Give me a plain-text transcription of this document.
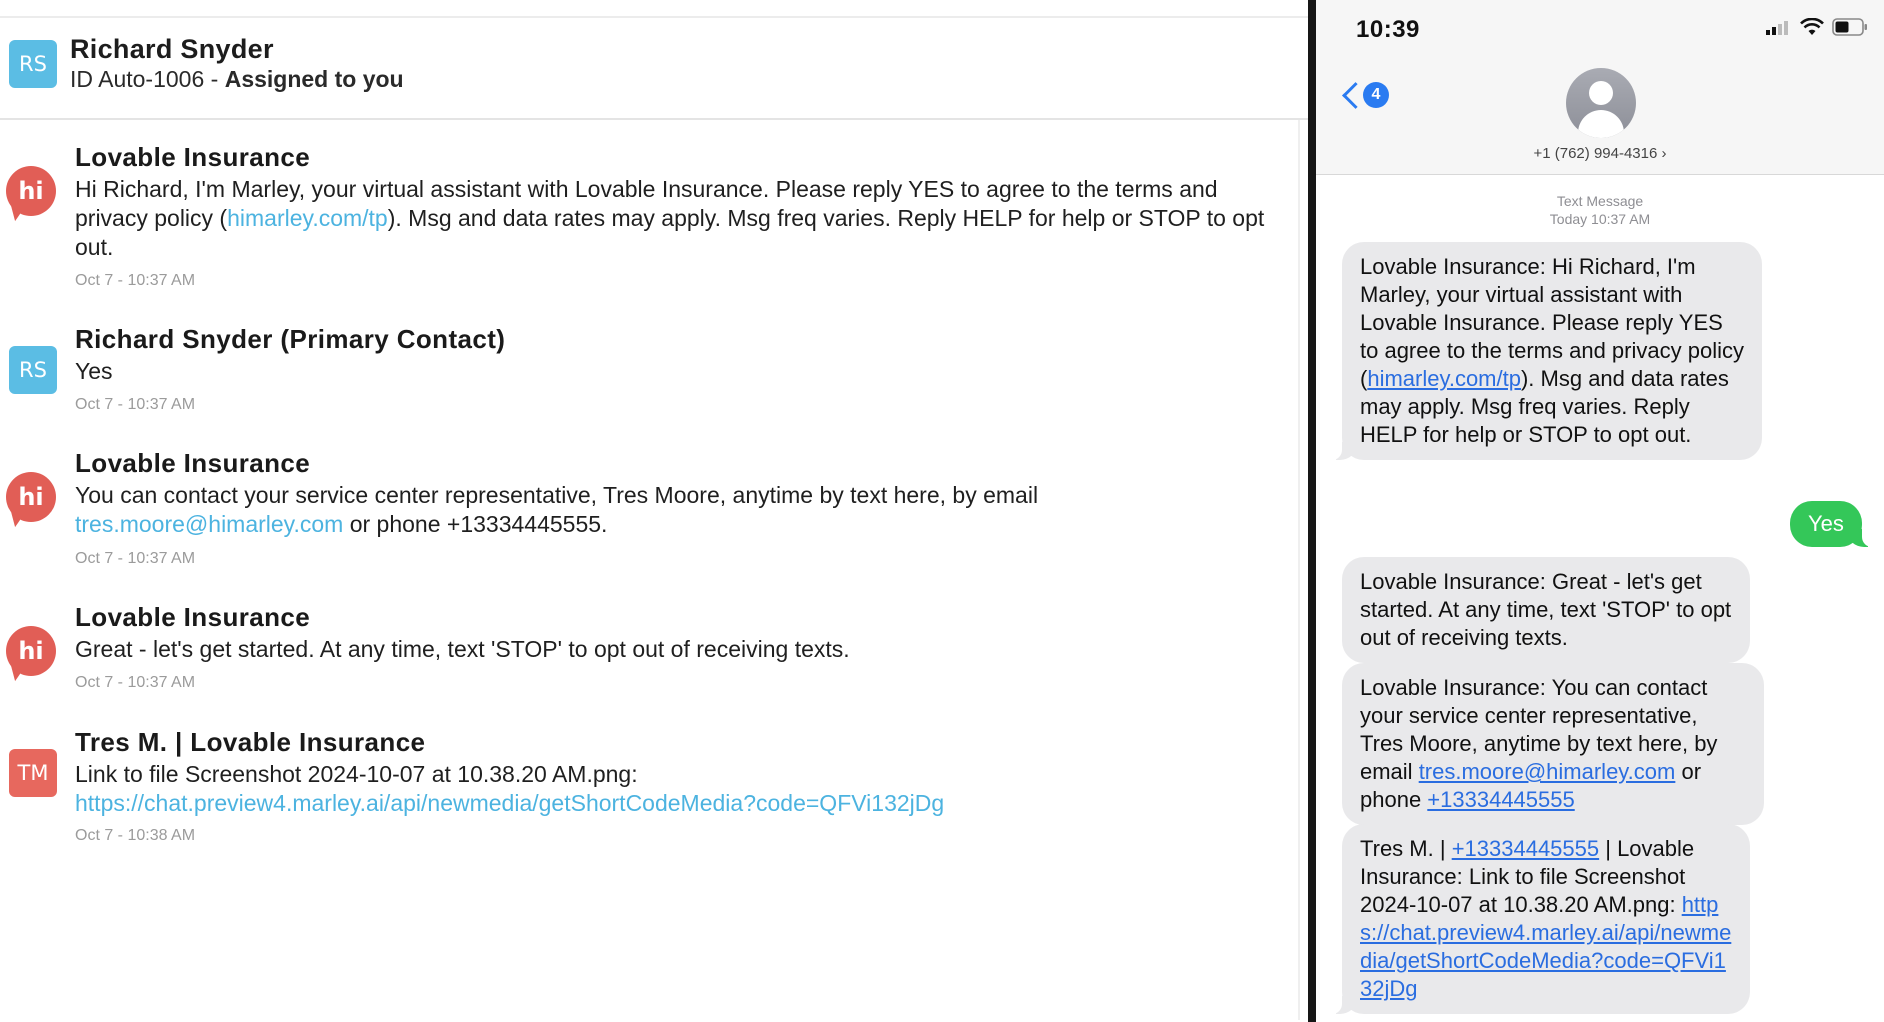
RS Richard Snyder
ID Auto-1006 - Assigned to you
hi
Lovable Insurance
Hi Richard, I'm Marley, your virtual assistant with Lovable Insurance. Please reply YES to agree to the terms and privacy policy (himarley.com/tp). Msg and data rates may apply. Msg freq varies. Reply HELP for help or STOP to opt out.
Oct 7 - 10:37 AM
RS
Richard Snyder (Primary Contact)
Yes
Oct 7 - 10:37 AM
hi
Lovable Insurance
You can contact your service center representative, Tres Moore, anytime by text here, by email tres.moore@himarley.com or phone +13334445555.
Oct 7 - 10:37 AM
hi
Lovable Insurance
Great - let's get started. At any time, text 'STOP' to opt out of receiving texts.
Oct 7 - 10:37 AM
TM
Tres M. | Lovable Insurance
Link to file Screenshot 2024-10-07 at 10.38.20 AM.png:
https://chat.preview4.marley.ai/api/newmedia/getShortCodeMedia?code=QFVi132jDg
Oct 7 - 10:38 AM
10:39
4
+1 (762) 994-4316 ›
Text Message
Today 10:37 AM
Lovable Insurance: Hi Richard, I'm Marley, your virtual assistant with Lovable Insurance. Please reply YES to agree to the terms and privacy policy (himarley.com/tp). Msg and data rates may apply. Msg freq varies. Reply HELP for help or STOP to opt out.
Yes
Lovable Insurance: Great - let's get started. At any time, text 'STOP' to opt out of receiving texts.
Lovable Insurance: You can contact your service center representative, Tres Moore, anytime by text here, by email tres.moore@himarley.com or phone +13334445555
Tres M. | +13334445555 | Lovable Insurance: Link to file Screenshot 2024-10-07 at 10.38.20 AM.png: https://chat.preview4.marley.ai/api/newmedia/getShortCodeMedia?code=QFVi132jDg
